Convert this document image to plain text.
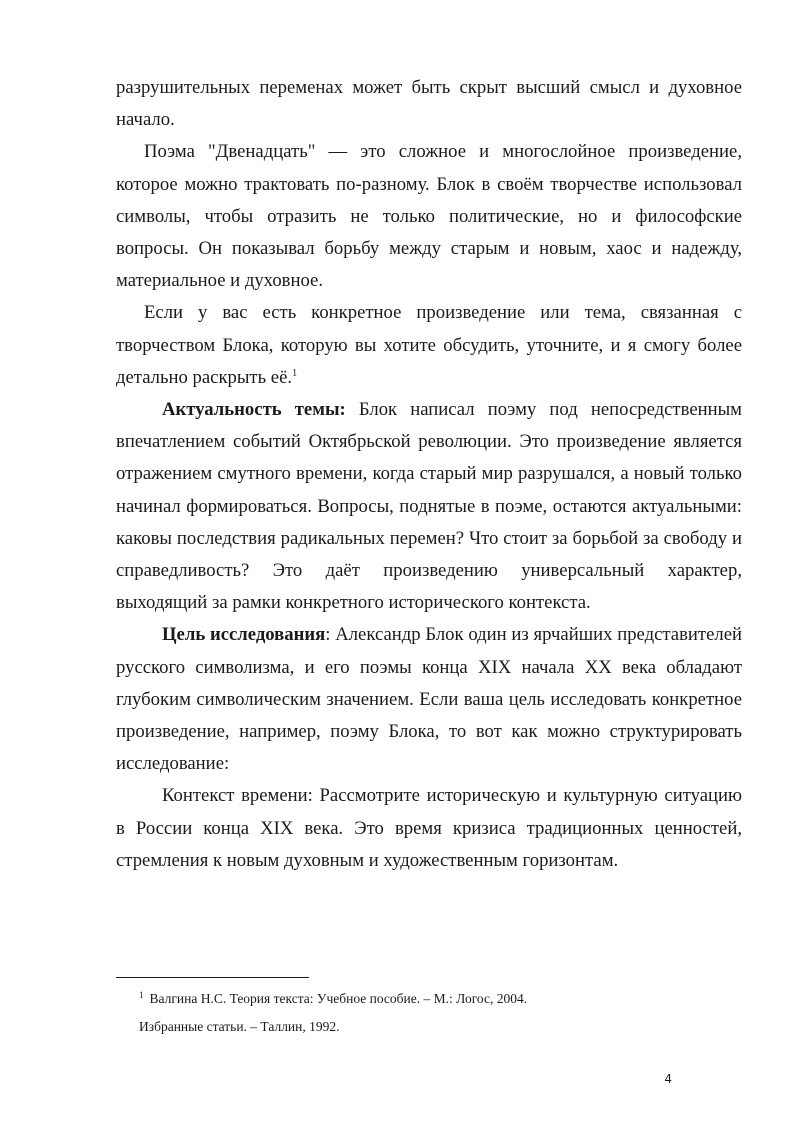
разрушительных переменах может быть скрыт высший смысл и духовное начало.

Поэма "Двенадцать" — это сложное и многослойное произведение, которое можно трактовать по-разному. Блок в своём творчестве использовал символы, чтобы отразить не только политические, но и философские вопросы. Он показывал борьбу между старым и новым, хаос и надежду, материальное и духовное.

Если у вас есть конкретное произведение или тема, связанная с творчеством Блока, которую вы хотите обсудить, уточните, и я смогу более детально раскрыть её.$^1$

Актуальность темы: Блок написал поэму под непосредственным впечатлением событий Октябрьской революции. Это произведение является отражением смутного времени, когда старый мир разрушался, а новый только начинал формироваться. Вопросы, поднятые в поэме, остаются актуальными: каковы последствия радикальных перемен? Что стоит за борьбой за свободу и справедливость? Это даёт произведению универсальный характер, выходящий за рамки конкретного исторического контекста.

Цель исследования: Александр Блок один из ярчайших представителей русского символизма, и его поэмы конца XIX начала XX века обладают глубоким символическим значением. Если ваша цель исследовать конкретное произведение, например, поэму Блока, то вот как можно структурировать исследование:

Контекст времени: Рассмотрите историческую и культурную ситуацию в России конца XIX века. Это время кризиса традиционных ценностей, стремления к новым духовным и художественным горизонтам.

$^1$ Валгина Н.С. Теория текста: Учебное пособие. – М.: Логос, 2004.

Избранные статьи. – Таллин, 1992.

4
